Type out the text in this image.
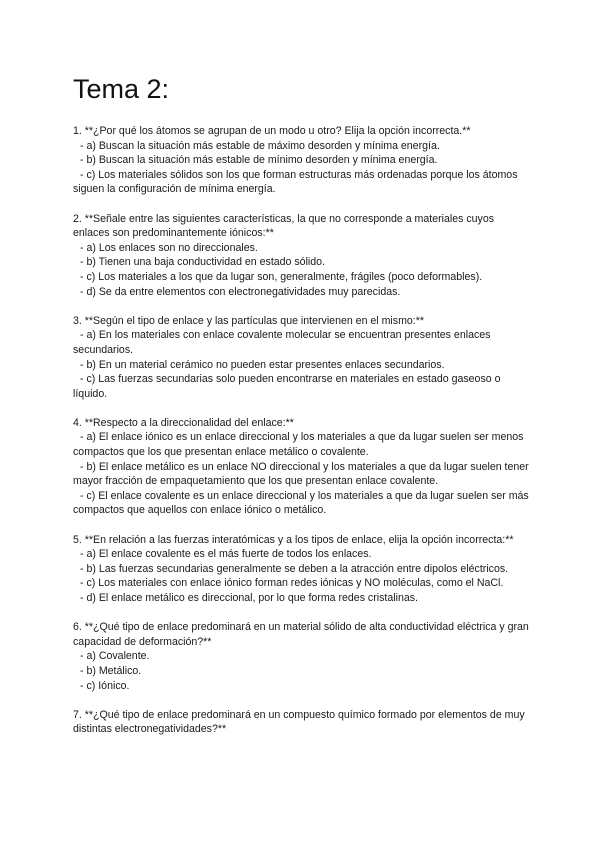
Tema 2:

1. **¿Por qué los átomos se agrupan de un modo u otro? Elija la opción incorrecta.**

- a) Buscan la situación más estable de máximo desorden y mínima energía.

- b) Buscan la situación más estable de mínimo desorden y mínima energía.

- c) Los materiales sólidos son los que forman estructuras más ordenadas porque los átomos siguen la configuración de mínima energía.

2. **Señale entre las siguientes características, la que no corresponde a materiales cuyos enlaces son predominantemente iónicos:**

- a) Los enlaces son no direccionales.

- b) Tienen una baja conductividad en estado sólido.

- c) Los materiales a los que da lugar son, generalmente, frágiles (poco deformables).

- d) Se da entre elementos con electronegatividades muy parecidas.

3. **Según el tipo de enlace y las partículas que intervienen en el mismo:**

- a) En los materiales con enlace covalente molecular se encuentran presentes enlaces secundarios.

- b) En un material cerámico no pueden estar presentes enlaces secundarios.

- c) Las fuerzas secundarias solo pueden encontrarse en materiales en estado gaseoso o líquido.

4. **Respecto a la direccionalidad del enlace:**

- a) El enlace iónico es un enlace direccional y los materiales a que da lugar suelen ser menos compactos que los que presentan enlace metálico o covalente.

- b) El enlace metálico es un enlace NO direccional y los materiales a que da lugar suelen tener mayor fracción de empaquetamiento que los que presentan enlace covalente.

- c) El enlace covalente es un enlace direccional y los materiales a que da lugar suelen ser más compactos que aquellos con enlace iónico o metálico.

5. **En relación a las fuerzas interatómicas y a los tipos de enlace, elija la opción incorrecta:**

- a) El enlace covalente es el más fuerte de todos los enlaces.

- b) Las fuerzas secundarias generalmente se deben a la atracción entre dipolos eléctricos.

- c) Los materiales con enlace iónico forman redes iónicas y NO moléculas, como el NaCl.

- d) El enlace metálico es direccional, por lo que forma redes cristalinas.

6. **¿Qué tipo de enlace predominará en un material sólido de alta conductividad eléctrica y gran capacidad de deformación?**

- a) Covalente.

- b) Metálico.

- c) Iónico.

7. **¿Qué tipo de enlace predominará en un compuesto químico formado por elementos de muy distintas electronegatividades?**
